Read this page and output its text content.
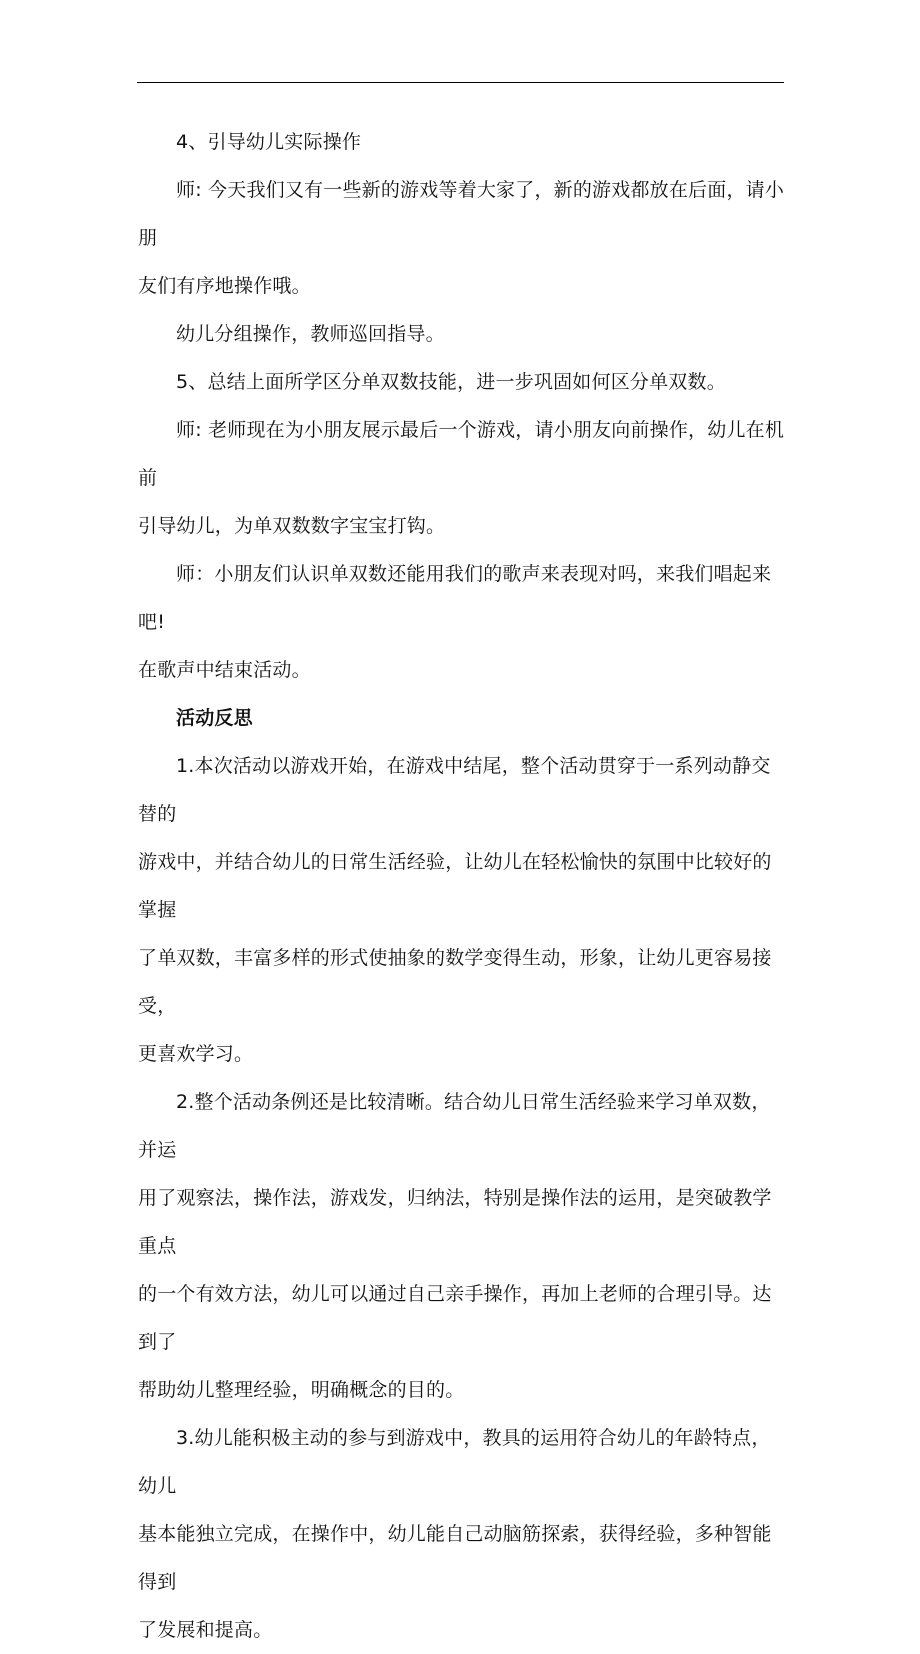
4、引导幼儿实际操作

师: 今天我们又有一些新的游戏等着大家了，新的游戏都放在后面，请小朋
友们有序地操作哦。

幼儿分组操作，教师巡回指导。

5、总结上面所学区分单双数技能，进一步巩固如何区分单双数。

师: 老师现在为小朋友展示最后一个游戏，请小朋友向前操作，幼儿在机前
引导幼儿，为单双数数字宝宝打钩。

师：小朋友们认识单双数还能用我们的歌声来表现对吗，来我们唱起来吧!
在歌声中结束活动。

活动反思

1.本次活动以游戏开始，在游戏中结尾，整个活动贯穿于一系列动静交替的
游戏中，并结合幼儿的日常生活经验，让幼儿在轻松愉快的氛围中比较好的掌握
了单双数，丰富多样的形式使抽象的数学变得生动，形象，让幼儿更容易接受，
更喜欢学习。

2.整个活动条例还是比较清晰。结合幼儿日常生活经验来学习单双数，并运
用了观察法，操作法，游戏发，归纳法，特别是操作法的运用，是突破教学重点
的一个有效方法，幼儿可以通过自己亲手操作，再加上老师的合理引导。达到了
帮助幼儿整理经验，明确概念的目的。

3.幼儿能积极主动的参与到游戏中，教具的运用符合幼儿的年龄特点，幼儿
基本能独立完成，在操作中，幼儿能自己动脑筋探索，获得经验，多种智能得到
了发展和提高。
